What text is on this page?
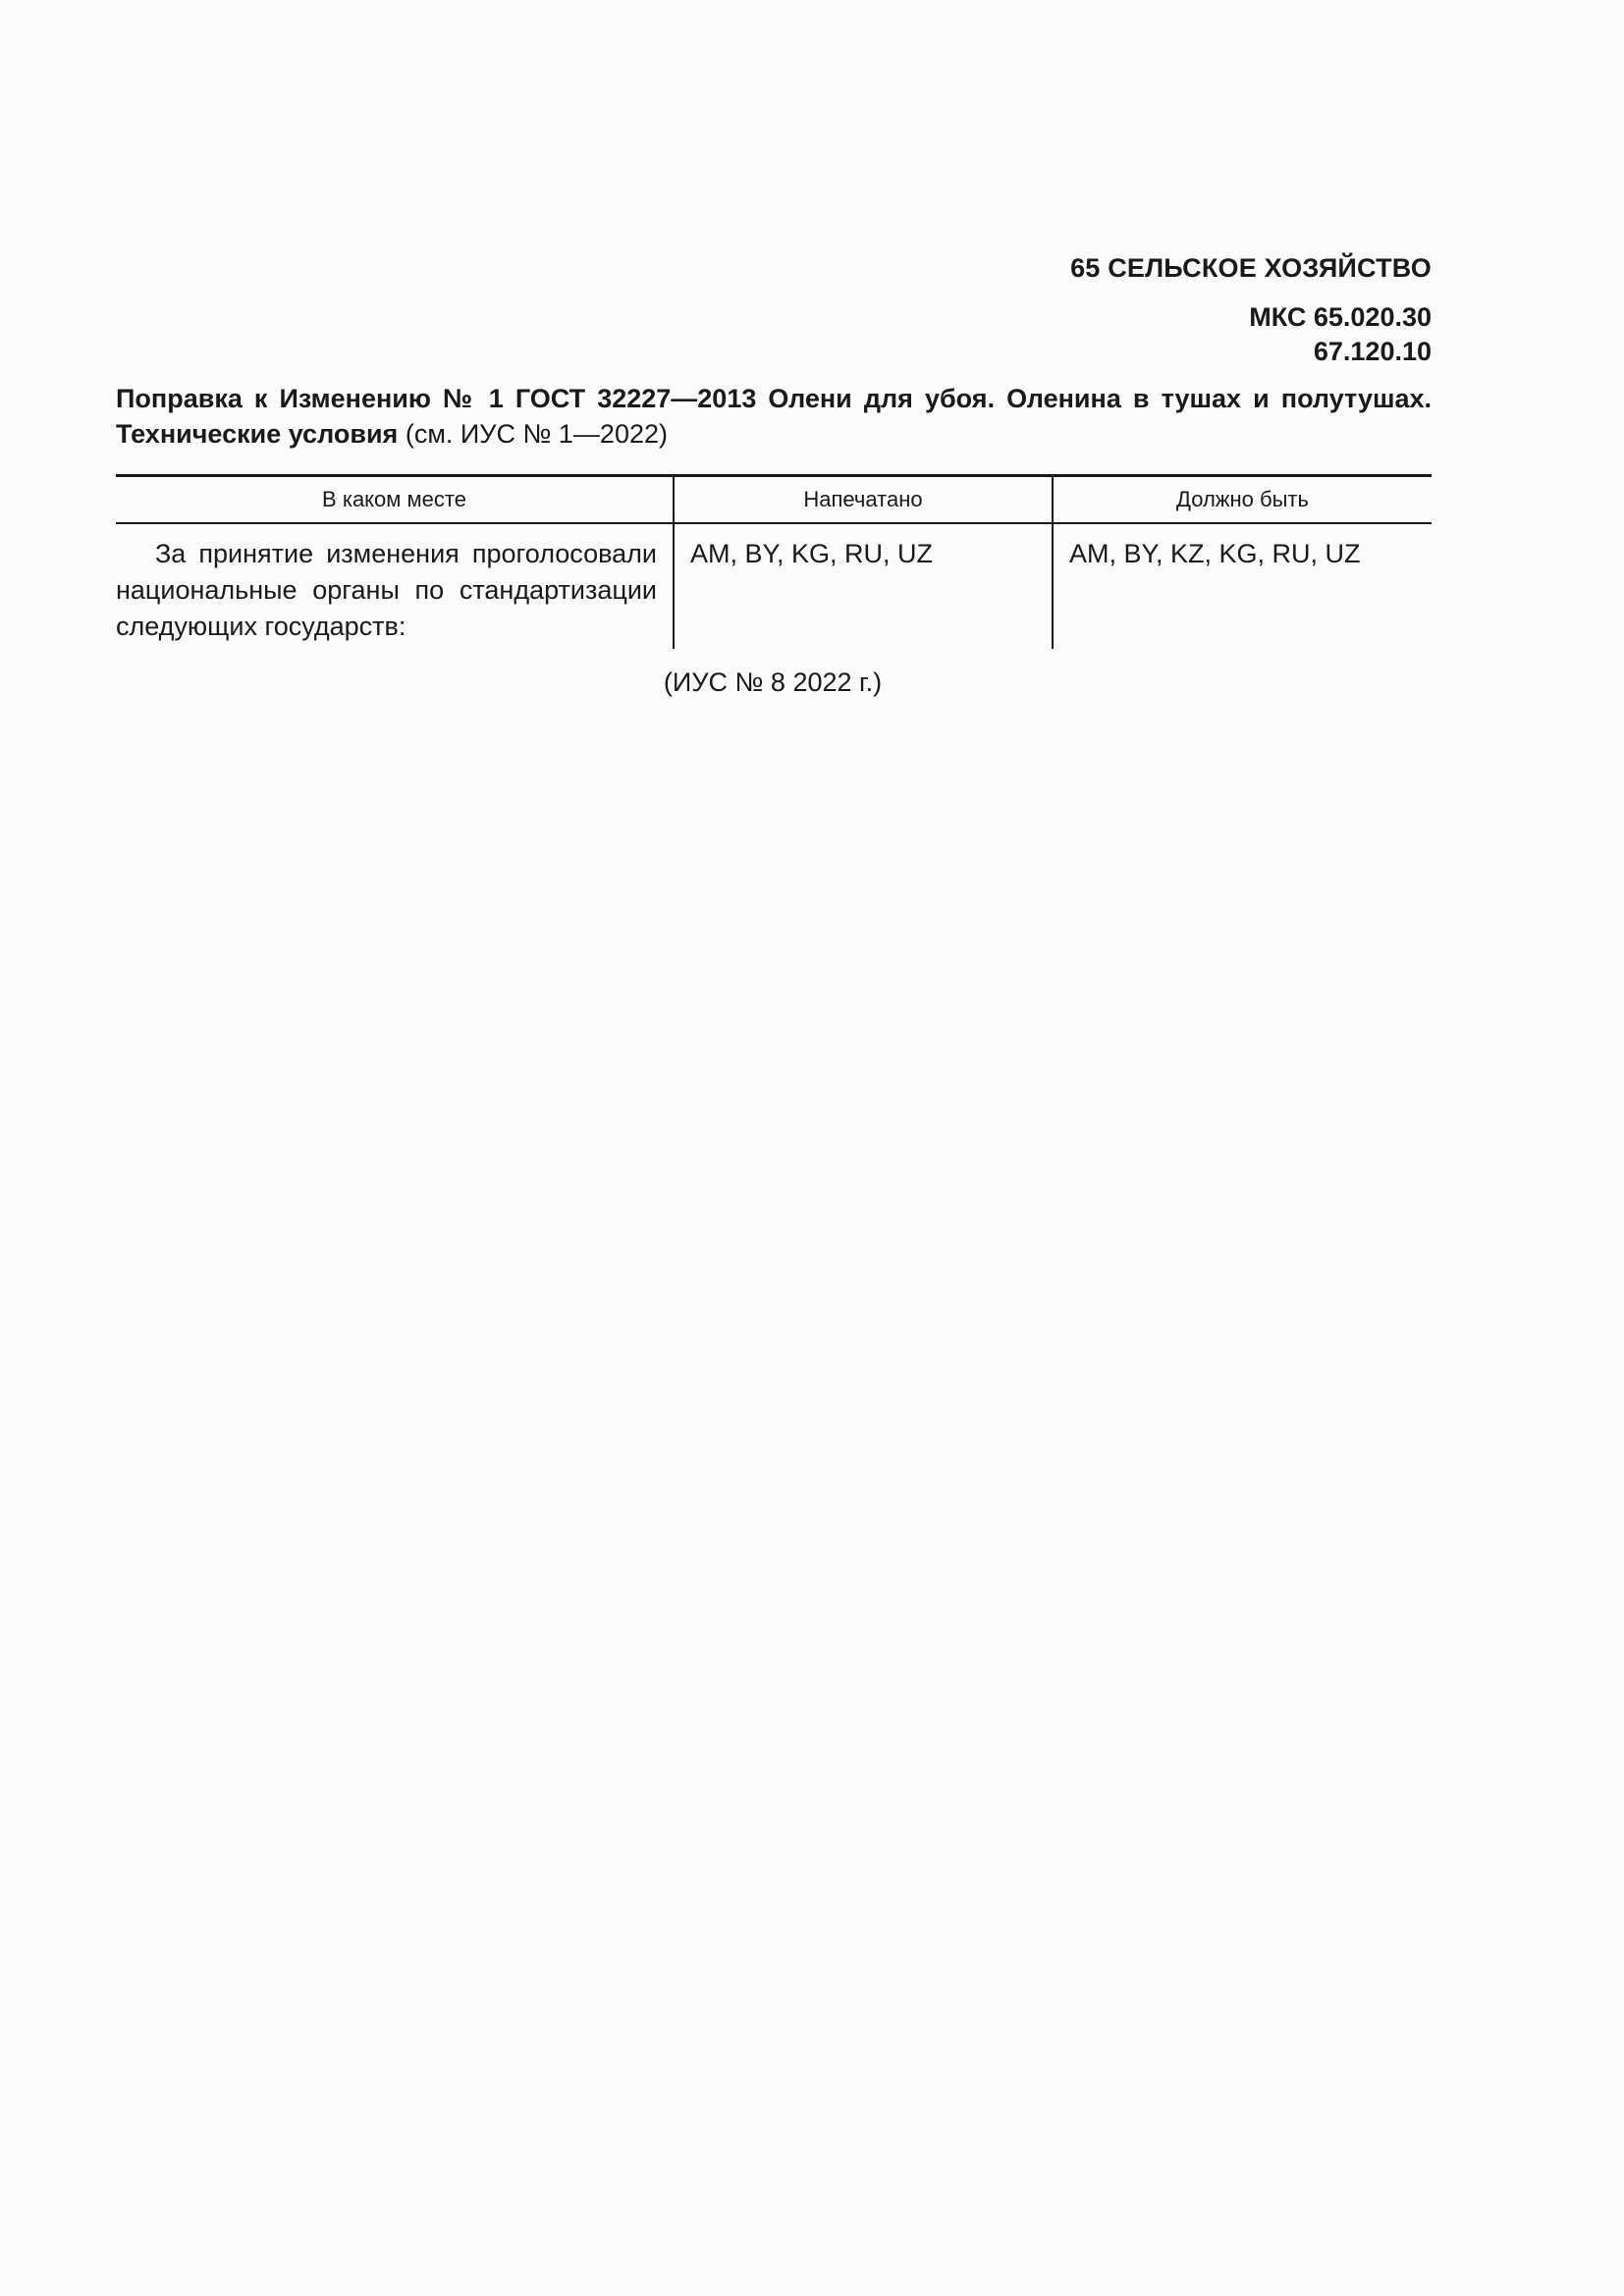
65 СЕЛЬСКОЕ ХОЗЯЙСТВО
МКС 65.020.30
67.120.10
Поправка к Изменению № 1 ГОСТ 32227—2013 Олени для убоя. Оленина в тушах и полутушах. Технические условия (см. ИУС № 1—2022)
В каком месте	Напечатано	Должно быть
За принятие изменения проголосовали национальные органы по стандартизации следующих государств:	AM, BY, KG, RU, UZ	AM, BY, KZ, KG, RU, UZ
(ИУС № 8 2022 г.)
